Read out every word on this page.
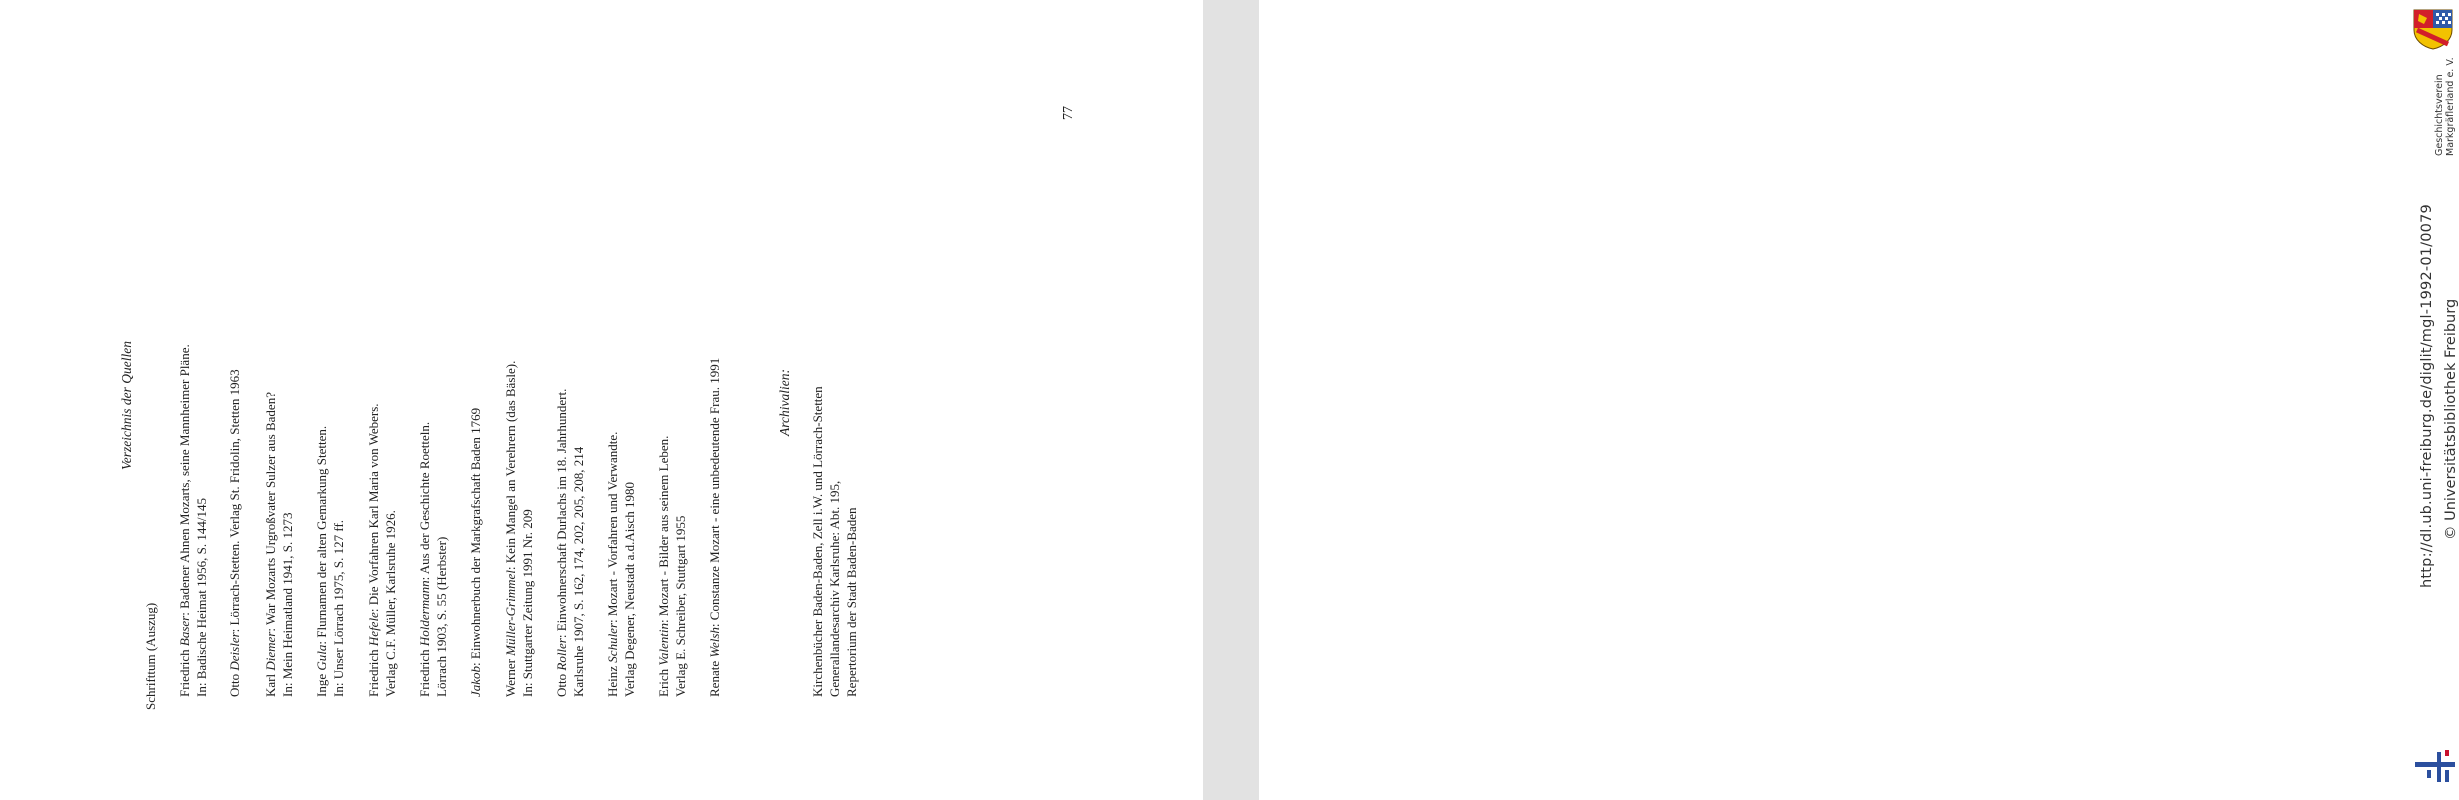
Verzeichnis der Quellen
77
Schrifttum (Auszug) Friedrich Baser: Badener Ahnen Mozarts, seine Mannheimer Pläne. In: Badische Heimat 1956, S. 144/145 Otto Deisler: Lörrach-Stetten. Verlag St. Fridolin, Stetten 1963
Karl Diemer: War Mozarts Urgroßvater Sulzer aus Baden? In: Mein Heimatland 1941, S. 1273 Inge Gula: Flurnamen der alten Gemarkung Stetten. In: Unser Lörrach 1975, S. 127 ff. Friedrich Hefele: Die Vorfahren Karl Maria von Webers. Verlag C.F. Müller, Karlsruhe 1926. Friedrich Holdermann: Aus der Geschichte Roetteln.
Lörrach 1903, S. 55 (Herbster) Jakob: Einwohnerbuch der Markgrafschaft Baden 1769
Werner Müller-Grimmel: Kein Mangel an Verehrern (das Bäsle).
In: Stuttgarter Zeitung 1991 Nr. 209 Otto Roller: Einwohnerschaft Durlachs im 18. Jahrhundert. Karlsruhe 1907, S. 162, 174, 202, 205, 208, 214 Heinz Schuler: Mozart - Vorfahren und Verwandte. Verlag Degener, Neustadt a.d.Aisch 1980 Erich Valentin: Mozart - Bilder aus seinem Leben. Verlag E. Schreiber, Stuttgart 1955 Renate Welsh: Constanze Mozart - eine unbedeutende Frau. 1991	Archivalien: Kirchenbücher Baden-Baden, Zell i.W. und Lörrach-Stetten Generallandesarchiv Karlsruhe: Abt. 195, Repertorium der Stadt Baden-Baden
Geschichtsverein Markgräflerland e. V.
http://dl.ub.uni-freiburg.de/diglit/mgl-1992-01/0079 © Universitätsbibliothek Freiburg
